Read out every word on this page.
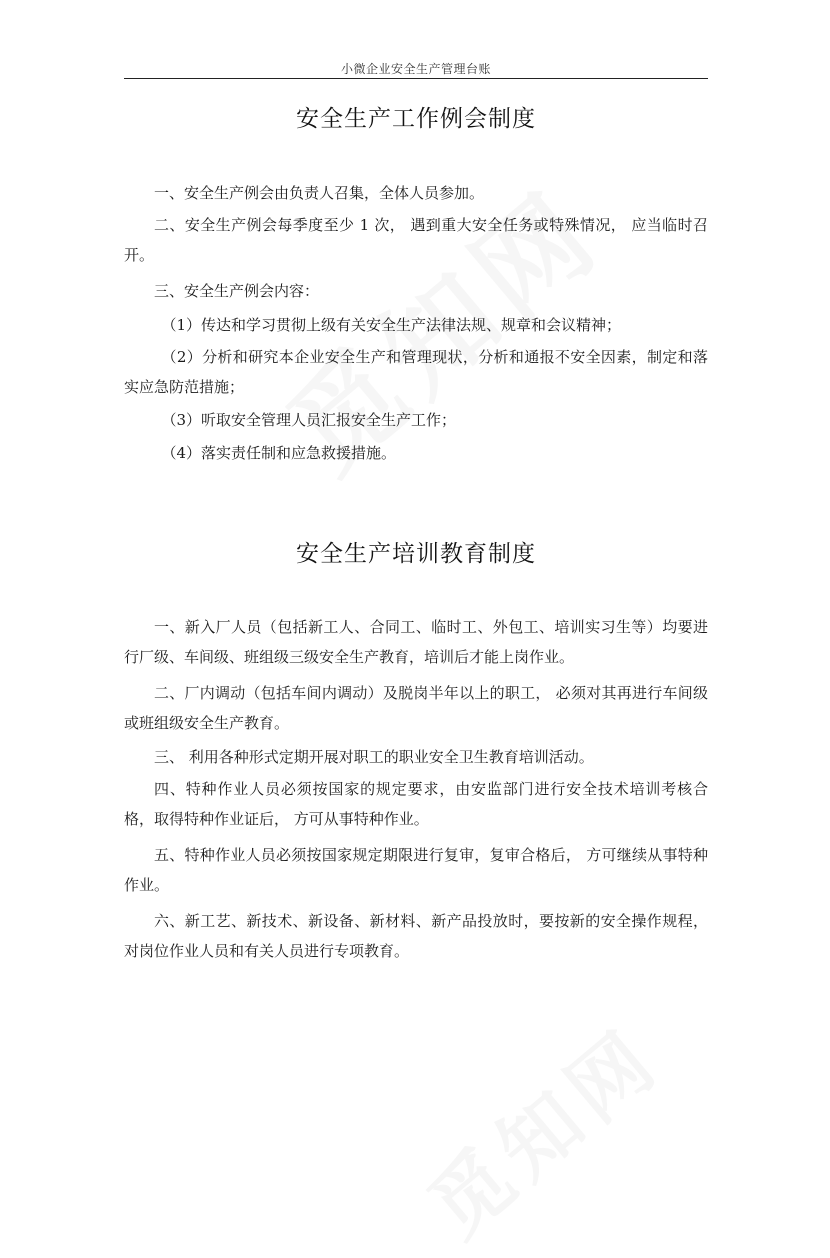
小微企业安全生产管理台账
安全生产工作例会制度
一、安全生产例会由负责人召集，全体人员参加。
二、安全生产例会每季度至少 1 次， 遇到重大安全任务或特殊情况， 应当临时召开。
三、安全生产例会内容：
（1）传达和学习贯彻上级有关安全生产法律法规、规章和会议精神；
（2）分析和研究本企业安全生产和管理现状，分析和通报不安全因素，制定和落实应急防范措施；
（3）听取安全管理人员汇报安全生产工作；
（4）落实责任制和应急救援措施。
安全生产培训教育制度
一、新入厂人员（包括新工人、合同工、临时工、外包工、培训实习生等）均要进行厂级、车间级、班组级三级安全生产教育，培训后才能上岗作业。
二、厂内调动（包括车间内调动）及脱岗半年以上的职工， 必须对其再进行车间级或班组级安全生产教育。
三、 利用各种形式定期开展对职工的职业安全卫生教育培训活动。
四、特种作业人员必须按国家的规定要求，由安监部门进行安全技术培训考核合格，取得特种作业证后， 方可从事特种作业。
五、特种作业人员必须按国家规定期限进行复审，复审合格后， 方可继续从事特种作业。
六、新工艺、新技术、新设备、新材料、新产品投放时，要按新的安全操作规程，对岗位作业人员和有关人员进行专项教育。
